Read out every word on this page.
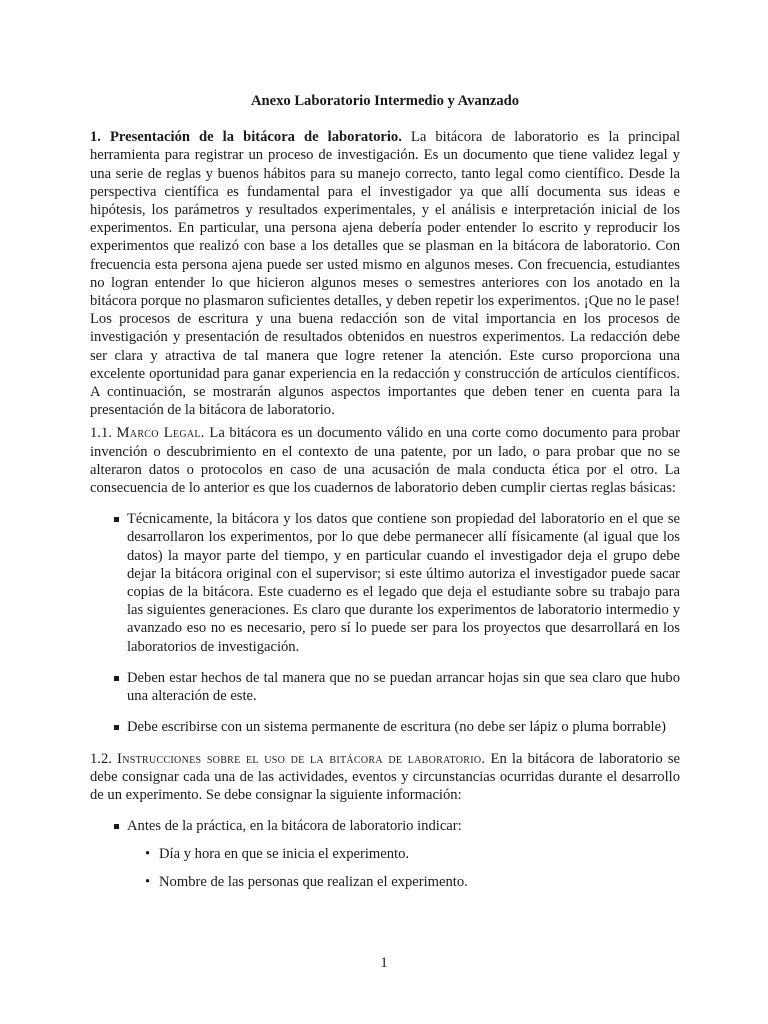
Anexo Laboratorio Intermedio y Avanzado

1. Presentación de la bitácora de laboratorio. La bitácora de laboratorio es la principal herramienta para registrar un proceso de investigación. Es un documento que tiene validez legal y una serie de reglas y buenos hábitos para su manejo correcto, tanto legal como científico. Desde la perspectiva científica es fundamental para el investigador ya que allí documenta sus ideas e hipótesis, los parámetros y resultados experimentales, y el análisis e interpretación inicial de los experimentos. En particular, una persona ajena debería poder entender lo escrito y reproducir los experimentos que realizó con base a los detalles que se plasman en la bitácora de laboratorio. Con frecuencia esta persona ajena puede ser usted mismo en algunos meses. Con frecuencia, estudiantes no logran entender lo que hicieron algunos meses o semestres anteriores con los anotado en la bitácora porque no plasmaron suficientes detalles, y deben repetir los experimentos. ¡Que no le pase! Los procesos de escritura y una buena redacción son de vital importancia en los procesos de investigación y presentación de resultados obtenidos en nuestros experimentos. La redacción debe ser clara y atractiva de tal manera que logre retener la atención. Este curso proporciona una excelente oportunidad para ganar experiencia en la redacción y construcción de artículos científicos. A continuación, se mostrarán algunos aspectos importantes que deben tener en cuenta para la presentación de la bitácora de laboratorio.

1.1. Marco Legal. La bitácora es un documento válido en una corte como documento para probar invención o descubrimiento en el contexto de una patente, por un lado, o para probar que no se alteraron datos o protocolos en caso de una acusación de mala conducta ética por el otro. La consecuencia de lo anterior es que los cuadernos de laboratorio deben cumplir ciertas reglas básicas:

Técnicamente, la bitácora y los datos que contiene son propiedad del laboratorio en el que se desarrollaron los experimentos, por lo que debe permanecer allí físicamente (al igual que los datos) la mayor parte del tiempo, y en particular cuando el investigador deja el grupo debe dejar la bitácora original con el supervisor; si este último autoriza el investigador puede sacar copias de la bitácora. Este cuaderno es el legado que deja el estudiante sobre su trabajo para las siguientes generaciones. Es claro que durante los experimentos de laboratorio intermedio y avanzado eso no es necesario, pero sí lo puede ser para los proyectos que desarrollará en los laboratorios de investigación.
Deben estar hechos de tal manera que no se puedan arrancar hojas sin que sea claro que hubo una alteración de este.
Debe escribirse con un sistema permanente de escritura (no debe ser lápiz o pluma borrable)

1.2. Instrucciones sobre el uso de la bitácora de laboratorio. En la bitácora de laboratorio se debe consignar cada una de las actividades, eventos y circunstancias ocurridas durante el desarrollo de un experimento. Se debe consignar la siguiente información:

Antes de la práctica, en la bitácora de laboratorio indicar:
• Día y hora en que se inicia el experimento.
• Nombre de las personas que realizan el experimento.
1
